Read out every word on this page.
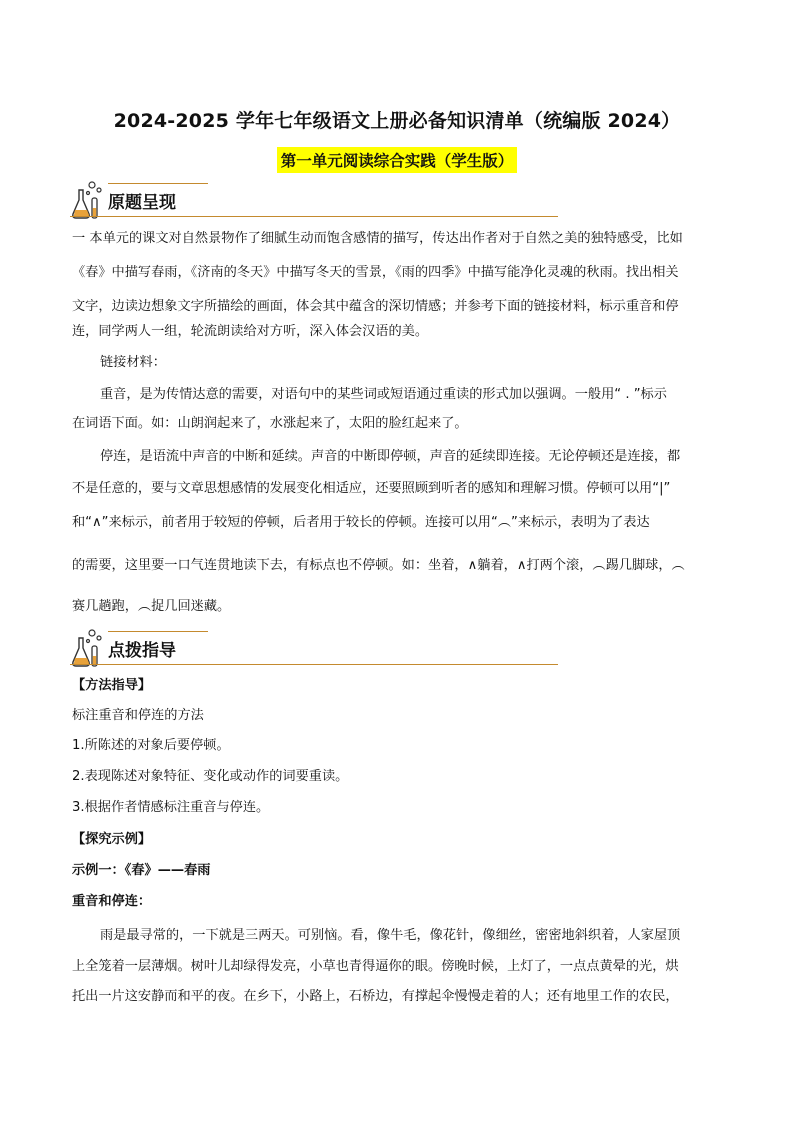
2024-2025 学年七年级语文上册必备知识清单（统编版 2024）
第一单元阅读综合实践（学生版）
原题呈现
一 本单元的课文对自然景物作了细腻生动而饱含感情的描写，传达出作者对于自然之美的独特感受，比如
《春》中描写春雨，《济南的冬天》中描写冬天的雪景，《雨的四季》中描写能净化灵魂的秋雨。找出相关
文字，边读边想象文字所描绘的画面，体会其中蕴含的深切情感；并参考下面的链接材料，标示重音和停
连，同学两人一组，轮流朗读给对方听，深入体会汉语的美。
链接材料：
重音，是为传情达意的需要，对语句中的某些词或短语通过重读的形式加以强调。一般用“ . ”标示
在词语下面。如：山朗润起来了，水涨起来了，太阳的脸红起来了。
停连，是语流中声音的中断和延续。声音的中断即停顿，声音的延续即连接。无论停顿还是连接，都
不是任意的，要与文章思想感情的发展变化相适应，还要照顾到听者的感知和理解习惯。停顿可以用“|”
和“∧”来标示，前者用于较短的停顿，后者用于较长的停顿。连接可以用“︵”来标示，表明为了表达
的需要，这里要一口气连贯地读下去，有标点也不停顿。如：坐着，∧躺着，∧打两个滚，︵踢几脚球，︵
赛几趟跑，︵捉几回迷藏。
点拨指导
【方法指导】
标注重音和停连的方法
1.所陈述的对象后要停顿。
2.表现陈述对象特征、变化或动作的词要重读。
3.根据作者情感标注重音与停连。
【探究示例】
示例一：《春》——春雨
重音和停连：
雨是最寻常的，一下就是三两天。可别恼。看，像牛毛，像花针，像细丝，密密地斜织着，人家屋顶
上全笼着一层薄烟。树叶儿却绿得发亮，小草也青得逼你的眼。傍晚时候，上灯了，一点点黄晕的光，烘
托出一片这安静而和平的夜。在乡下，小路上，石桥边，有撑起伞慢慢走着的人；还有地里工作的农民，
